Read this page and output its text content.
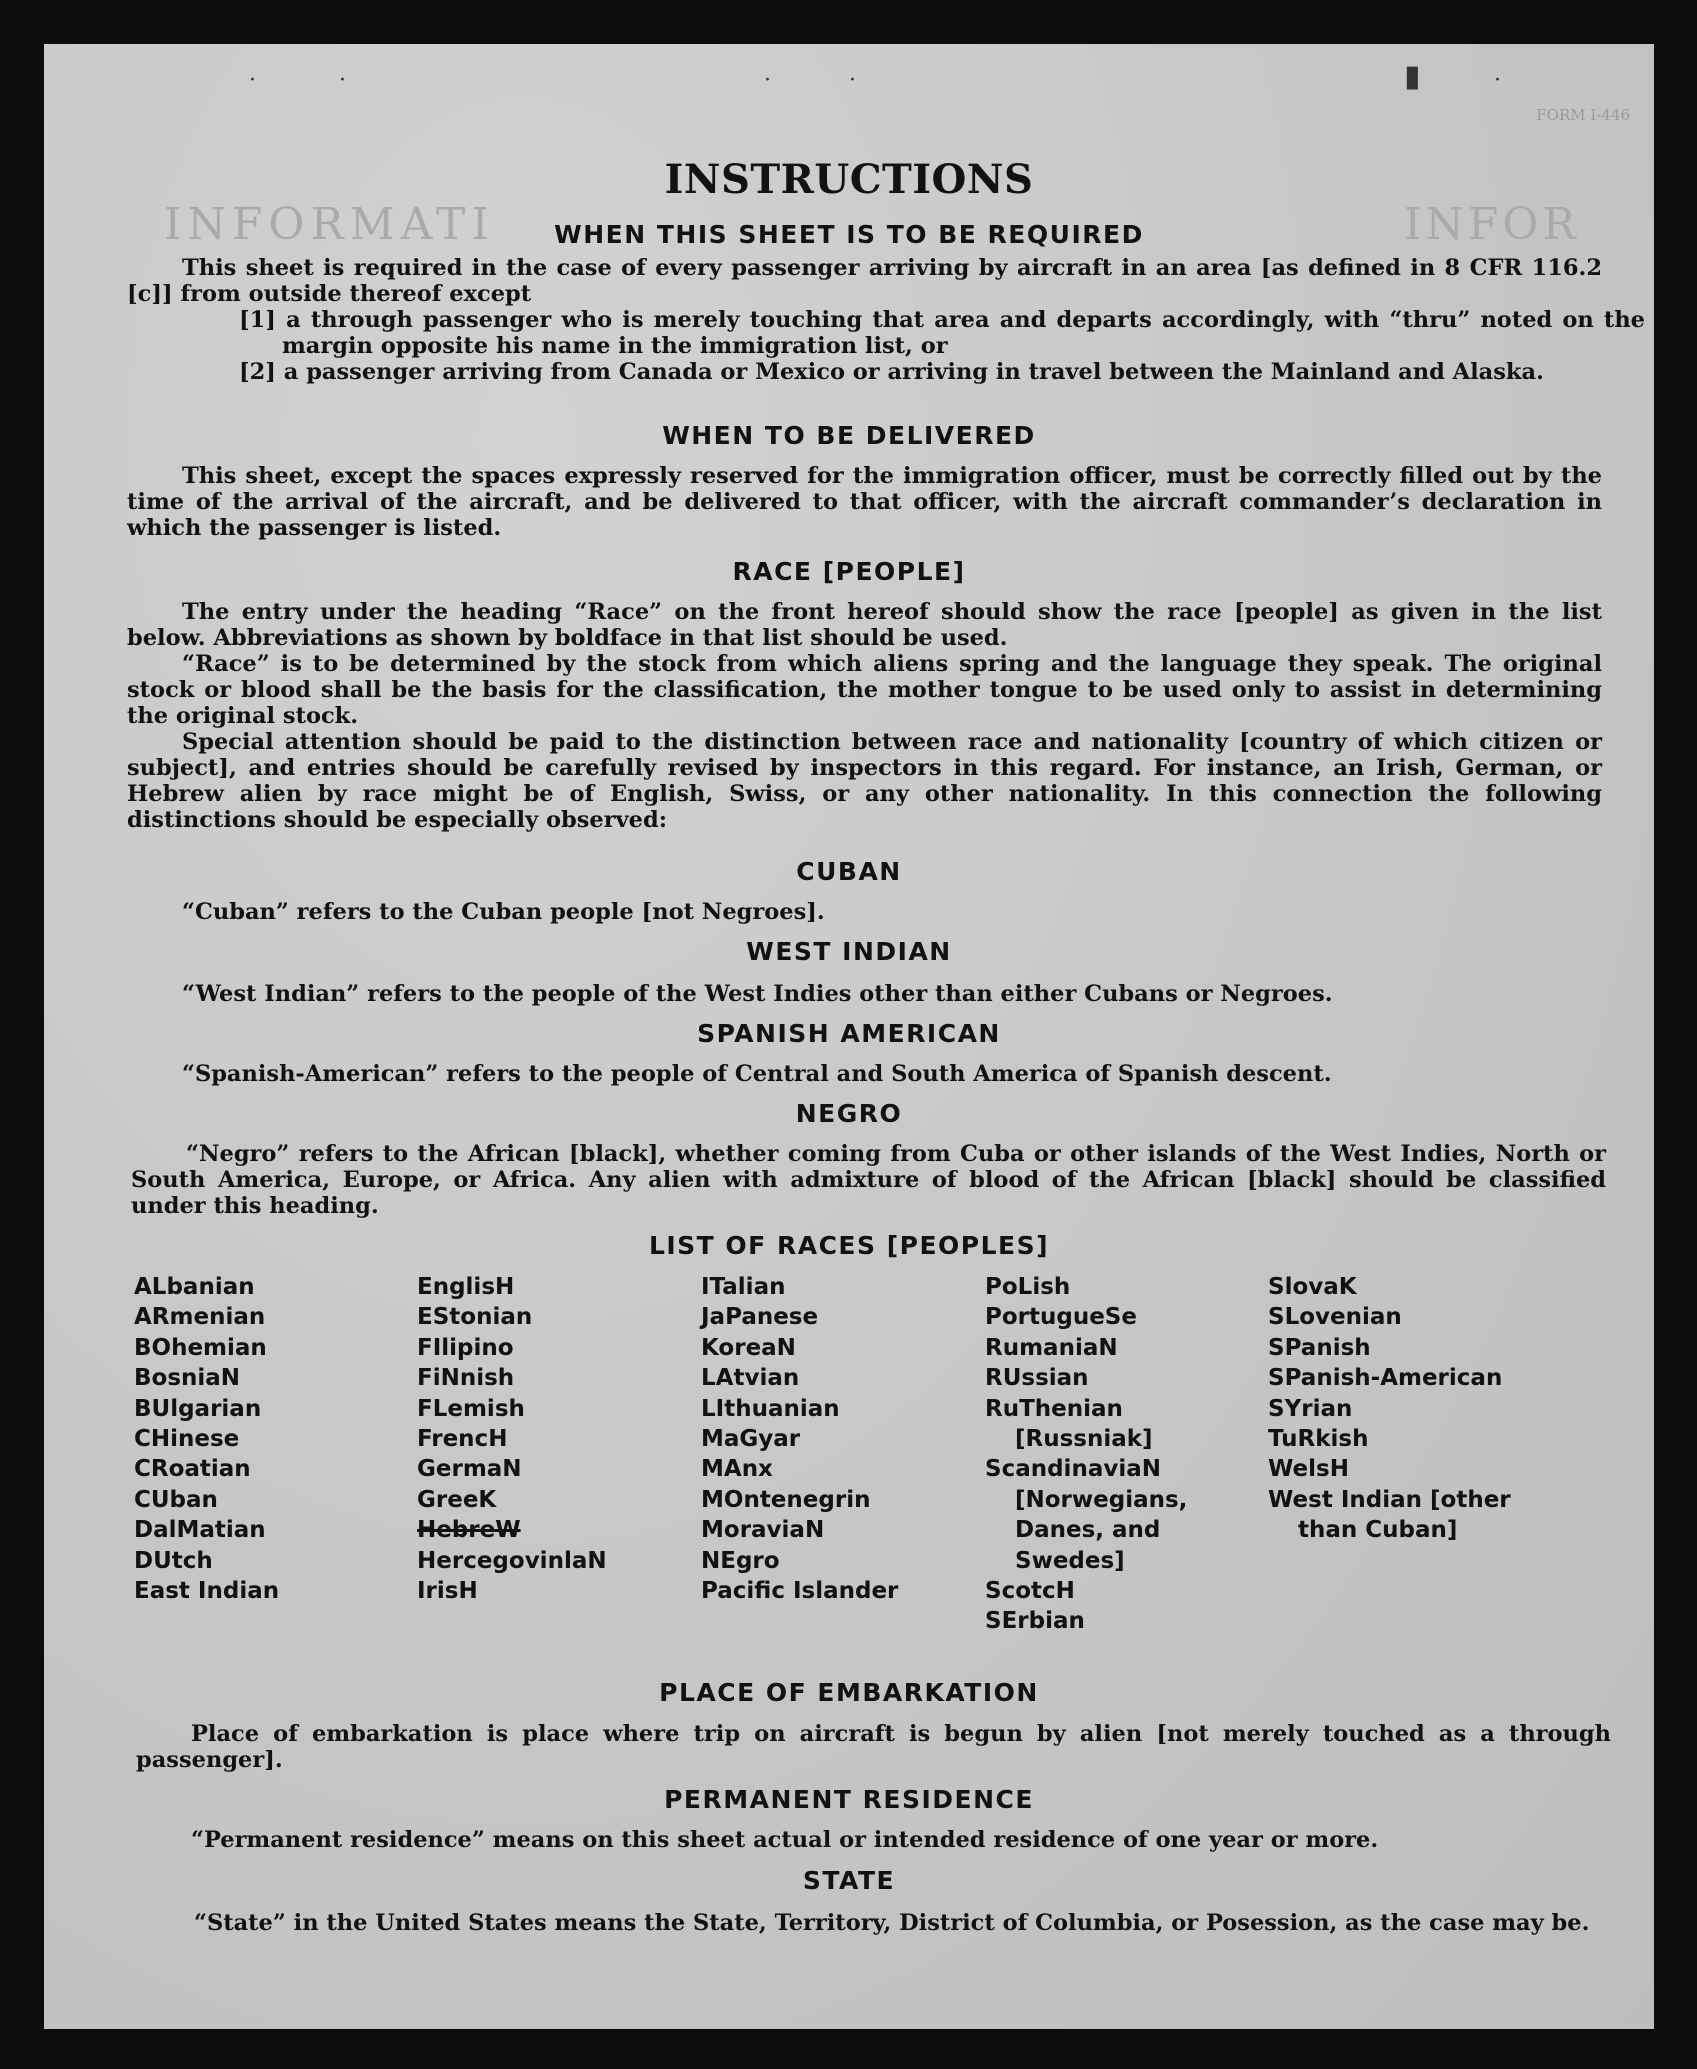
·	·	·	·	▮	·
FORM I-446
INFORMATI	INFOR
INSTRUCTIONS
WHEN THIS SHEET IS TO BE REQUIRED

This sheet is required in the case of every passenger arriving by aircraft in an area [as defined in 8 CFR 116.2 [c]] from outside thereof except

[1] a through passenger who is merely touching that area and departs accordingly, with “thru” noted on the margin opposite his name in the immigration list, or
[2] a passenger arriving from Canada or Mexico or arriving in travel between the Mainland and Alaska.
WHEN TO BE DELIVERED

This sheet, except the spaces expressly reserved for the immigration officer, must be correctly filled out by the time of the arrival of the aircraft, and be delivered to that officer, with the aircraft commander’s declaration in which the passenger is listed.

RACE [PEOPLE]

The entry under the heading “Race” on the front hereof should show the race [people] as given in the list below. Abbreviations as shown by boldface in that list should be used.

“Race” is to be determined by the stock from which aliens spring and the language they speak. The original stock or blood shall be the basis for the classification, the mother tongue to be used only to assist in determining the original stock.

Special attention should be paid to the distinction between race and nationality [country of which citizen or subject], and entries should be carefully revised by inspectors in this regard. For instance, an Irish, German, or Hebrew alien by race might be of English, Swiss, or any other nationality. In this connection the following distinctions should be especially observed:

CUBAN

“Cuban” refers to the Cuban people [not Negroes].

WEST INDIAN

“West Indian” refers to the people of the West Indies other than either Cubans or Negroes.

SPANISH AMERICAN

“Spanish-American” refers to the people of Central and South America of Spanish descent.

NEGRO

“Negro” refers to the African [black], whether coming from Cuba or other islands of the West Indies, North or South America, Europe, or Africa. Any alien with admixture of blood of the African [black] should be classified under this heading.

LIST OF RACES [PEOPLES]
ALbanian
ARmenian
BOhemian
BosniaN
BUlgarian
CHinese
CRoatian
CUban
DalMatian
DUtch
East Indian
EnglisH
EStonian
FIlipino
FiNnish
FLemish
FrencH
GermaN
GreeK
HebreW
HercegovinlaN
IrisH
ITalian
JaPanese
KoreaN
LAtvian
LIthuanian
MaGyar
MAnx
MOntenegrin
MoraviaN
NEgro
Pacific Islander
PoLish
PortugueSe
RumaniaN
RUssian
RuThenian [Russniak]
ScandinaviaN [Norwegians, Danes, and Swedes]
ScotcH
SErbian
SlovaK
SLovenian
SPanish
SPanish-American
SYrian
TuRkish
WelsH
West Indian [other than Cuban]
PLACE OF EMBARKATION

Place of embarkation is place where trip on aircraft is begun by alien [not merely touched as a through passenger].

PERMANENT RESIDENCE

“Permanent residence” means on this sheet actual or intended residence of one year or more.

STATE

“State” in the United States means the State, Territory, District of Columbia, or Posession, as the case may be.
